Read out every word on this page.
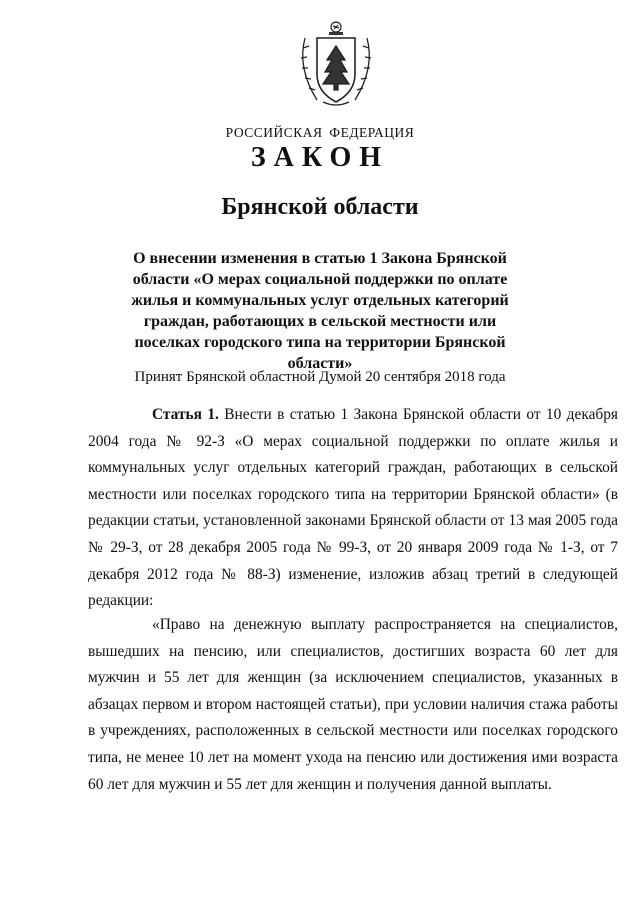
РОССИЙСКАЯ ФЕДЕРАЦИЯ
ЗАКОН
Брянской области
О внесении изменения в статью 1 Закона Брянской области «О мерах социальной поддержки по оплате жилья и коммунальных услуг отдельных категорий граждан, работающих в сельской местности или поселках городского типа на территории Брянской области»
Принят Брянской областной Думой 20 сентября 2018 года

Статья 1. Внести в статью 1 Закона Брянской области от 10 декабря 2004 года № 92-З «О мерах социальной поддержки по оплате жилья и коммунальных услуг отдельных категорий граждан, работающих в сельской местности или поселках городского типа на территории Брянской области» (в редакции статьи, установленной законами Брянской области от 13 мая 2005 года № 29-З, от 28 декабря 2005 года № 99-З, от 20 января 2009 года № 1-З, от 7 декабря 2012 года № 88-З) изменение, изложив абзац третий в следующей редакции:

«Право на денежную выплату распространяется на специалистов, вышедших на пенсию, или специалистов, достигших возраста 60 лет для мужчин и 55 лет для женщин (за исключением специалистов, указанных в абзацах первом и втором настоящей статьи), при условии наличия стажа работы в учреждениях, расположенных в сельской местности или поселках городского типа, не менее 10 лет на момент ухода на пенсию или достижения ими возраста 60 лет для мужчин и 55 лет для женщин и получения данной выплаты.
